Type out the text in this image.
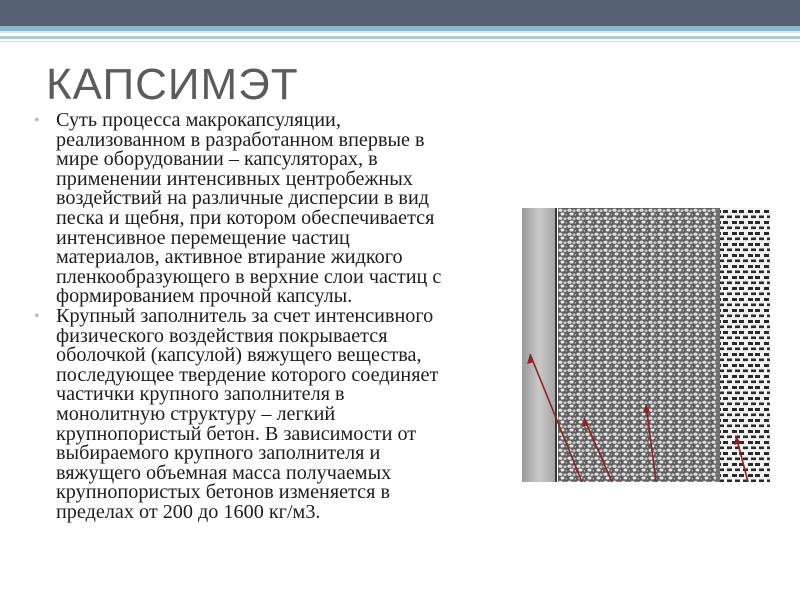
КАПСИМЭТ
• Суть процесса макрокапсуляции,
реализованном в разработанном впервые в
мире оборудовании – капсуляторах, в
применении интенсивных центробежных
воздействий на различные дисперсии в вид
песка и щебня, при котором обеспечивается
интенсивное перемещение частиц
материалов, активное втирание жидкого
пленкообразующего в верхние слои частиц с
формированием прочной капсулы.
• Крупный заполнитель за счет интенсивного
физического воздействия покрывается
оболочкой (капсулой) вяжущего вещества,
последующее твердение которого соединяет
частички крупного заполнителя в
монолитную структуру – легкий
крупнопористый бетон. В зависимости от
выбираемого крупного заполнителя и
вяжущего объемная масса получаемых
крупнопористых бетонов изменяется в
пределах от 200 до 1600 кг/м3.
